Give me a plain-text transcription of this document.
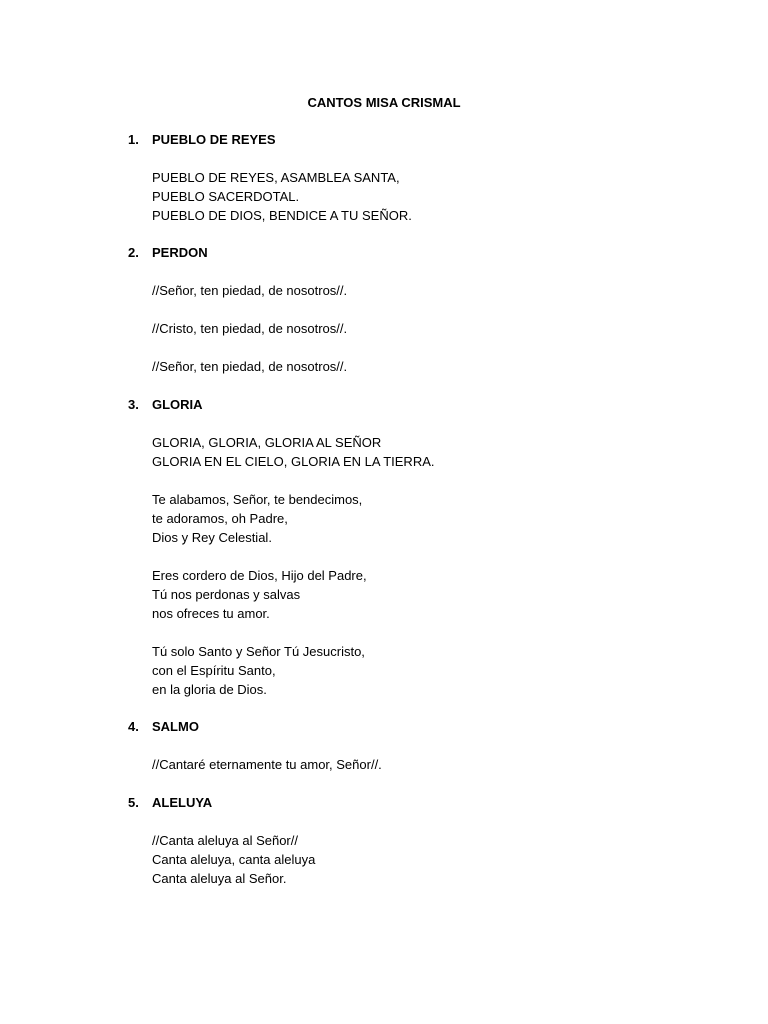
CANTOS MISA CRISMAL
1.	PUEBLO DE REYES
PUEBLO DE REYES, ASAMBLEA SANTA,
PUEBLO SACERDOTAL.
PUEBLO DE DIOS, BENDICE A TU SEÑOR.
2.	PERDON
//Señor, ten piedad, de nosotros//.
//Cristo, ten piedad, de nosotros//.
//Señor, ten piedad, de nosotros//.
3.	GLORIA
GLORIA, GLORIA, GLORIA AL SEÑOR
GLORIA EN EL CIELO, GLORIA EN LA TIERRA.
Te alabamos, Señor, te bendecimos,
te adoramos, oh Padre,
Dios y Rey Celestial.
Eres cordero de Dios, Hijo del Padre,
Tú nos perdonas y salvas
nos ofreces tu amor.
Tú solo Santo y Señor Tú Jesucristo,
con el Espíritu Santo,
en la gloria de Dios.
4.	SALMO
//Cantaré eternamente tu amor, Señor//.
5.	ALELUYA
//Canta aleluya al Señor//
Canta aleluya, canta aleluya
Canta aleluya al Señor.
